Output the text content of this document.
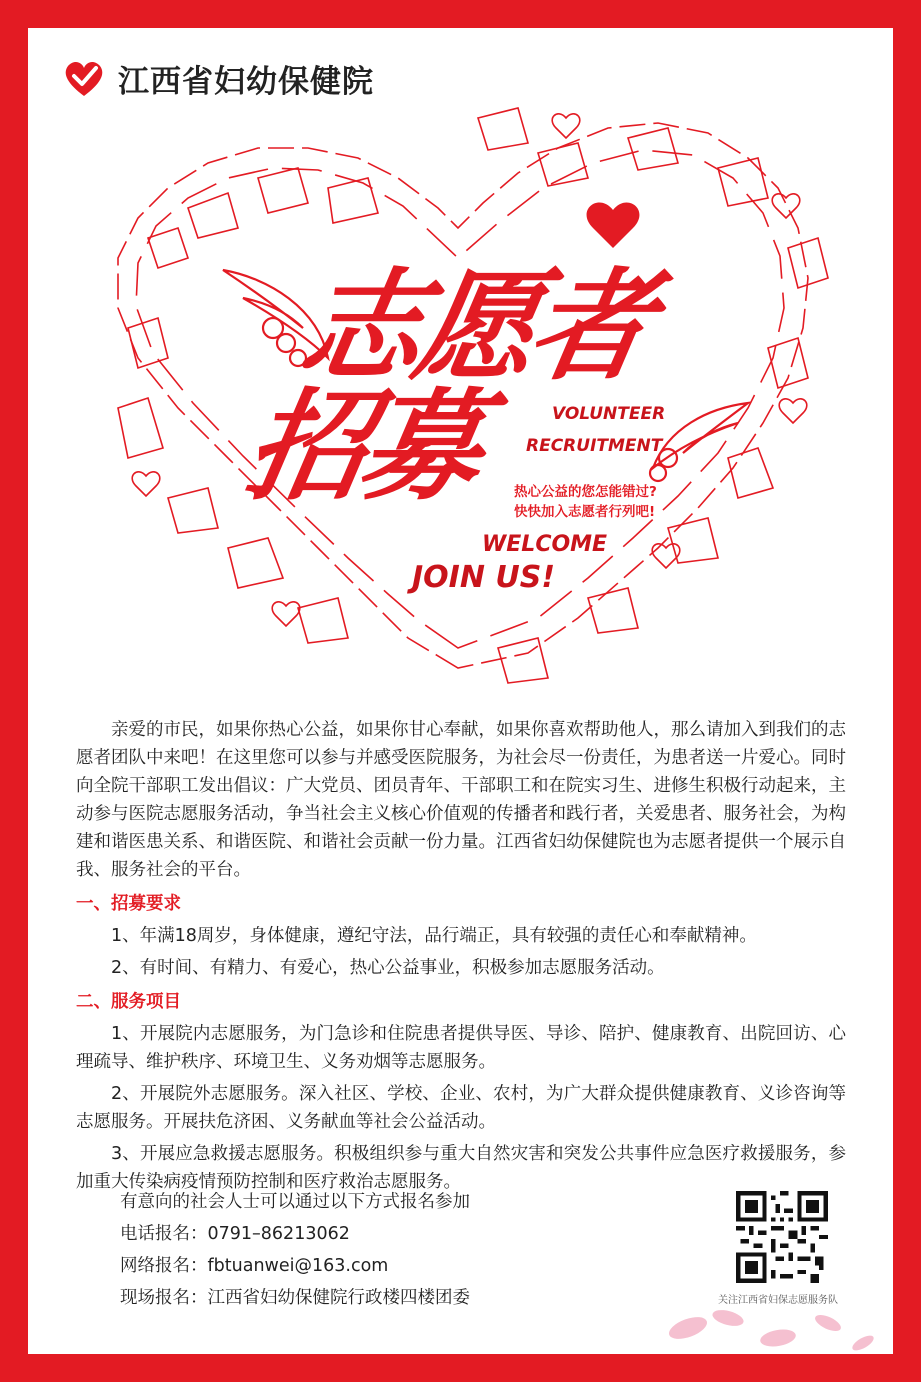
江西省妇幼保健院
志愿者
招募	VOLUNTEER
RECRUITMENT
热心公益的您怎能错过?
快快加入志愿者行列吧!
WELCOME
JOIN US!

亲爱的市民，如果你热心公益，如果你甘心奉献，如果你喜欢帮助他人，那么请加入到我们的志愿者团队中来吧！在这里您可以参与并感受医院服务，为社会尽一份责任，为患者送一片爱心。同时向全院干部职工发出倡议：广大党员、团员青年、干部职工和在院实习生、进修生积极行动起来，主动参与医院志愿服务活动，争当社会主义核心价值观的传播者和践行者，关爱患者、服务社会，为构建和谐医患关系、和谐医院、和谐社会贡献一份力量。江西省妇幼保健院也为志愿者提供一个展示自我、服务社会的平台。

一、招募要求

1、年满18周岁，身体健康，遵纪守法，品行端正，具有较强的责任心和奉献精神。

2、有时间、有精力、有爱心，热心公益事业，积极参加志愿服务活动。

二、服务项目

1、开展院内志愿服务，为门急诊和住院患者提供导医、导诊、陪护、健康教育、出院回访、心理疏导、维护秩序、环境卫生、义务劝烟等志愿服务。

2、开展院外志愿服务。深入社区、学校、企业、农村，为广大群众提供健康教育、义诊咨询等志愿服务。开展扶危济困、义务献血等社会公益活动。

3、开展应急救援志愿服务。积极组织参与重大自然灾害和突发公共事件应急医疗救援服务，参加重大传染病疫情预防控制和医疗救治志愿服务。

有意向的社会人士可以通过以下方式报名参加
电话报名：0791–86213062
网络报名：fbtuanwei@163.com
现场报名：江西省妇幼保健院行政楼四楼团委	关注江西省妇保志愿服务队
